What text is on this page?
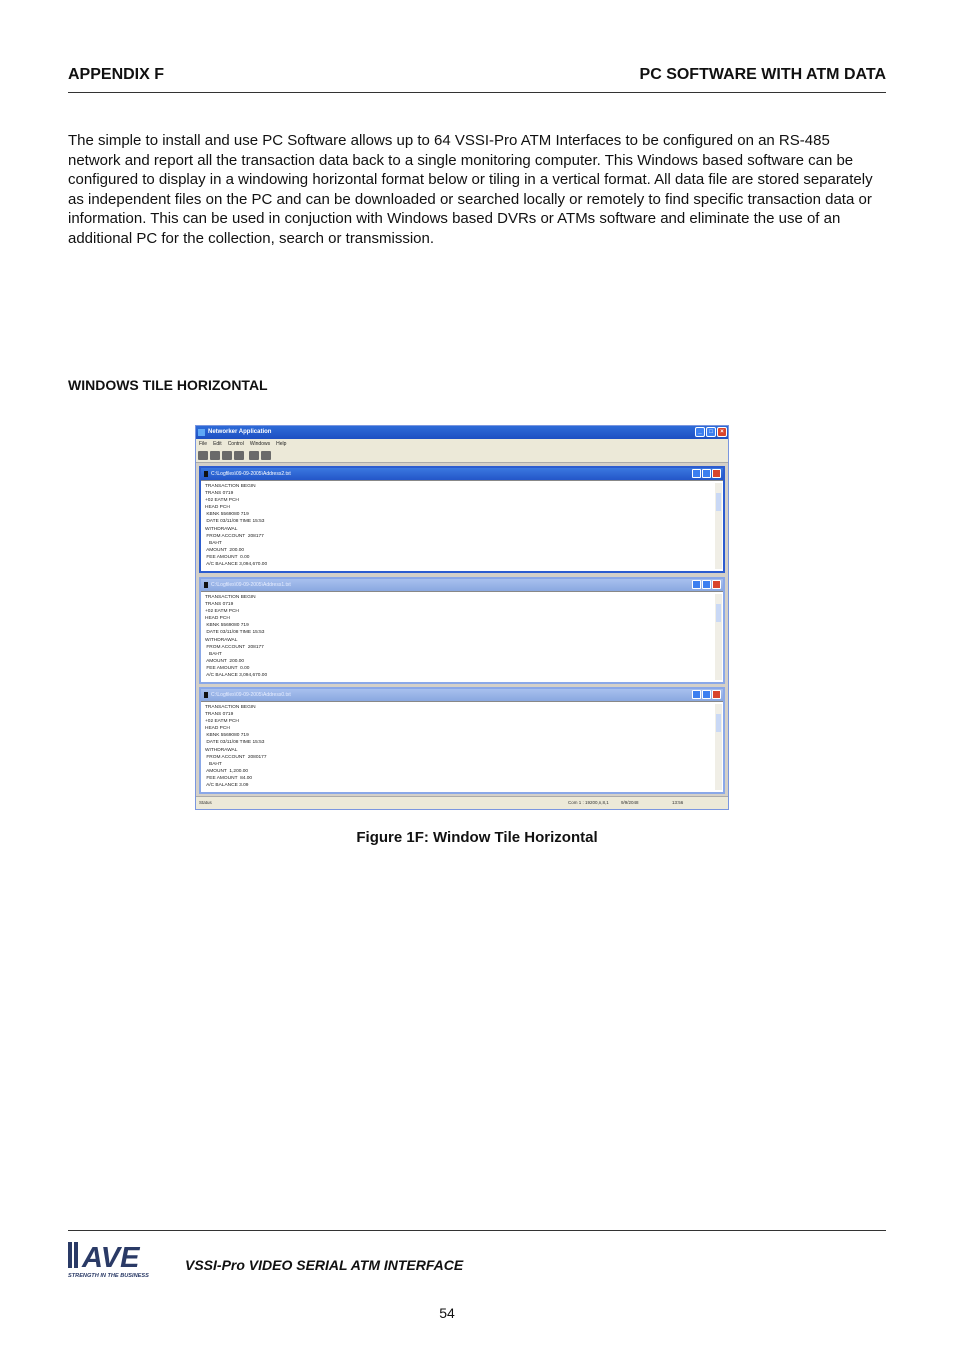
APPENDIX F	PC SOFTWARE WITH ATM DATA

The simple to install and use PC Software allows up to 64 VSSI-Pro ATM Interfaces to be configured on an RS-485 network and report all the transaction data back to a single monitoring computer. This Windows based software can be configured to display in a windowing horizontal format below or tiling in a vertical format. All data file are stored separately as independent files on the PC and can be downloaded or searched locally or remotely to find specific transaction data or information. This can be used in conjuction with Windows based DVRs or ATMs software and eliminate the use of an additional PC for the collection, search or transmission.

WINDOWS TILE HORIZONTAL
Networker Application	_	□	×
File Edit Control Windows Help
C:\Logfiles\09-09-2005\Address2.txt
TRANSACTION BEGIN
TRANS 0719
+02 EATM PCH
HEAD PCH
KBNK 5569080 719
DATE 03/11/08 TIME 15:53
WITHDRAWAL
FROM ACCOUNT  208177
BAHT
AMOUNT  200.00
FEE AMOUNT  0.00
A/C BALANCE 3,094,670.00
C:\Logfiles\09-09-2005\Address1.txt
TRANSACTION BEGIN
TRANS 0719
+02 EATM PCH
HEAD PCH
KBNK 5569080 719
DATE 03/11/08 TIME 15:53
WITHDRAWAL
FROM ACCOUNT  208177
BAHT
AMOUNT  200.00
FEE AMOUNT  0.00
A/C BALANCE 3,094,670.00
C:\Logfiles\09-09-2005\Address0.txt
TRANSACTION BEGIN
TRANS 0719
+02 EATM PCH
HEAD PCH
KBNK 5569080 719
DATE 03/11/08 TIME 15:53
WITHDRAWAL
FROM ACCOUNT  2080177
BAHT
AMOUNT  1,200.00
FEE AMOUNT  84.00
A/C BALANCE 3.09
Status	Com 1 : 19200,n,8,1	9/9/2048	13:56
Figure 1F: Window Tile Horizontal
AVE
STRENGTH IN THE BUSINESS
VSSI-Pro VIDEO SERIAL ATM INTERFACE
54
